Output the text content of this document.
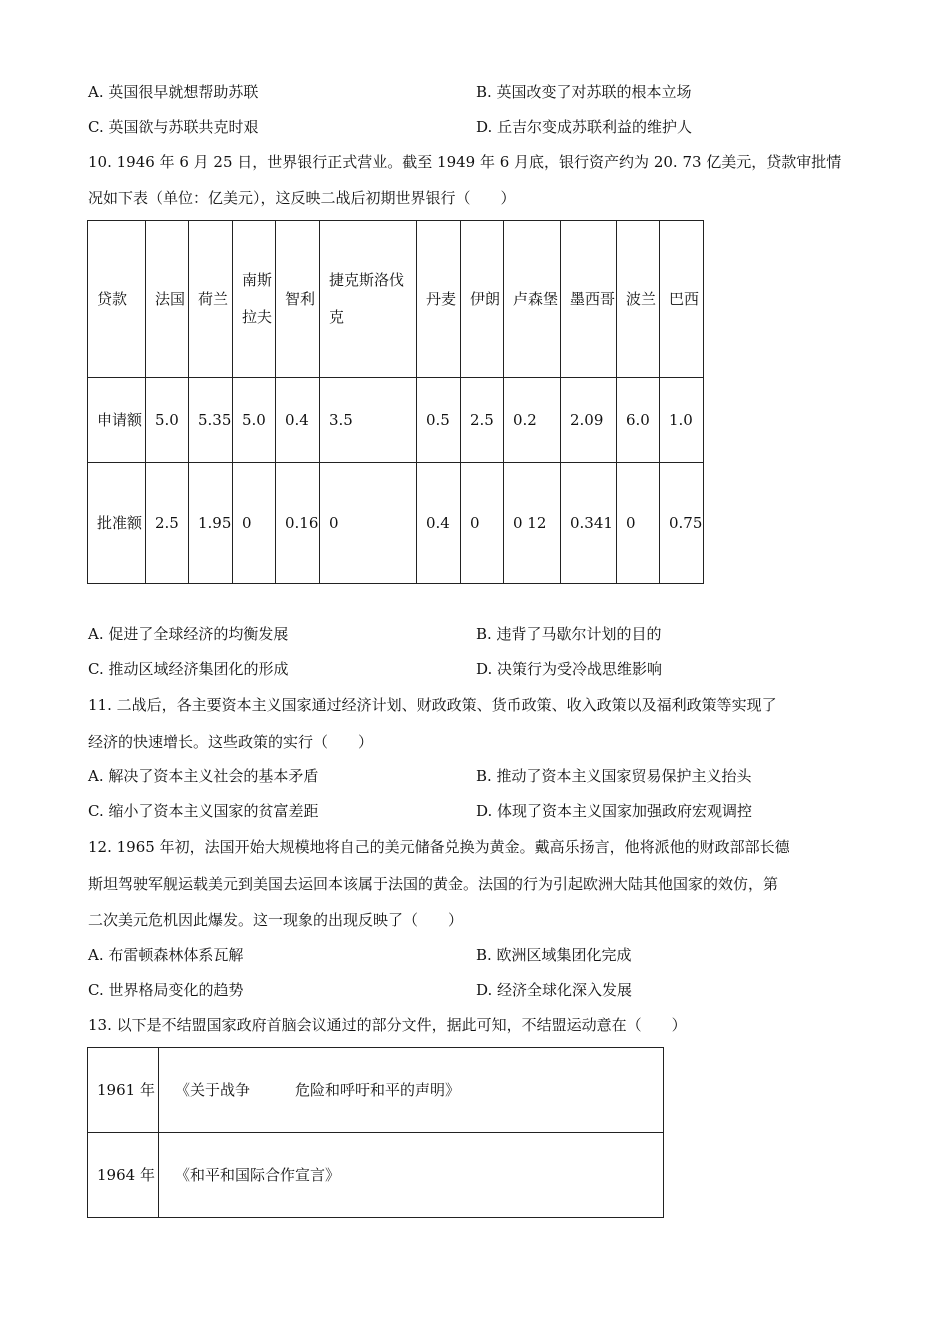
A. 英国很早就想帮助苏联	B. 英国改变了对苏联的根本立场
C. 英国欲与苏联共克时艰	D. 丘吉尔变成苏联利益的维护人
10. 1946 年 6 月 25 日，世界银行正式营业。截至 1949 年 6 月底，银行资产约为 20. 73 亿美元，贷款审批情
况如下表（单位：亿美元），这反映二战后初期世界银行（　　）
贷款	法国	荷兰	南斯拉夫	智利	捷克斯洛伐克	丹麦	伊朗	卢森堡	墨西哥	波兰	巴西
申请额	5.0	5.35	5.0	0.4	3.5	0.5	2.5	0.2	2.09	6.0	1.0
批准额	2.5	1.95	0	0.16	0	0.4	0	0 12	0.341	0	0.75
A. 促进了全球经济的均衡发展	B. 违背了马歇尔计划的目的
C. 推动区域经济集团化的形成	D. 决策行为受冷战思维影响
11. 二战后，各主要资本主义国家通过经济计划、财政政策、货币政策、收入政策以及福利政策等实现了
经济的快速增长。这些政策的实行（　　）
A. 解决了资本主义社会的基本矛盾	B. 推动了资本主义国家贸易保护主义抬头
C. 缩小了资本主义国家的贫富差距	D. 体现了资本主义国家加强政府宏观调控
12. 1965 年初，法国开始大规模地将自己的美元储备兑换为黄金。戴高乐扬言，他将派他的财政部部长德
斯坦驾驶军舰运载美元到美国去运回本该属于法国的黄金。法国的行为引起欧洲大陆其他国家的效仿，第
二次美元危机因此爆发。这一现象的出现反映了（　　）
A. 布雷顿森林体系瓦解	B. 欧洲区域集团化完成
C. 世界格局变化的趋势	D. 经济全球化深入发展
13. 以下是不结盟国家政府首脑会议通过的部分文件，据此可知，不结盟运动意在（　　）
1961 年	《关于战争　　　危险和呼吁和平的声明》
1964 年	《和平和国际合作宣言》
